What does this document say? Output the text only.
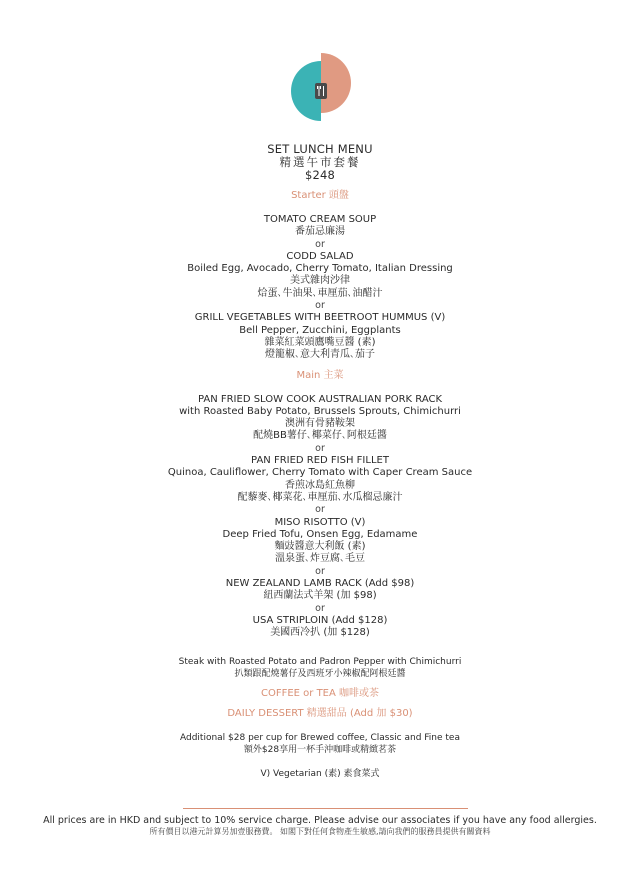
SET LUNCH MENU
精選午市套餐
$248
Starter 頭盤
TOMATO CREAM SOUP
番茄忌廉湯
or
CODD SALAD
Boiled Egg, Avocado, Cherry Tomato, Italian Dressing
美式雜肉沙律
烚蛋､牛油果､車厘茄､油醋汁
or
GRILL VEGETABLES WITH BEETROOT HUMMUS (V)
Bell Pepper, Zucchini, Eggplants
雜菜紅菜頭鷹嘴豆醬 (素)
燈籠椒､意大利青瓜､茄子
Main 主菜
PAN FRIED SLOW COOK AUSTRALIAN PORK RACK
with Roasted Baby Potato, Brussels Sprouts, Chimichurri
澳洲有骨豬鞍架
配燒BB薯仔､椰菜仔､阿根廷醬
or
PAN FRIED RED FISH FILLET
Quinoa, Cauliflower, Cherry Tomato with Caper Cream Sauce
香煎冰島紅魚柳
配藜麥､椰菜花､車厘茄､水瓜榴忌廉汁
or
MISO RISOTTO (V)
Deep Fried Tofu, Onsen Egg, Edamame
麵豉醬意大利飯 (素)
溫泉蛋､炸豆腐､毛豆
or
NEW ZEALAND LAMB RACK (Add $98)
紐西蘭法式羊架 (加 $98)
or
USA STRIPLOIN (Add $128)
美國西冷扒 (加 $128)
Steak with Roasted Potato and Padron Pepper with Chimichurri
扒類跟配燒薯仔及西班牙小辣椒配阿根廷醬
COFFEE or TEA 咖啡或茶
DAILY DESSERT 精選甜品 (Add 加 $30)
Additional $28 per cup for Brewed coffee, Classic and Fine tea
額外$28享用一杯手沖咖啡或精緻茗茶
V) Vegetarian (素) 素食菜式
All prices are in HKD and subject to 10% service charge. Please advise our associates if you have any food allergies.
所有價目以港元計算另加壹服務費。 如閣下對任何食物產生敏感,請向我們的服務員提供有關資料
